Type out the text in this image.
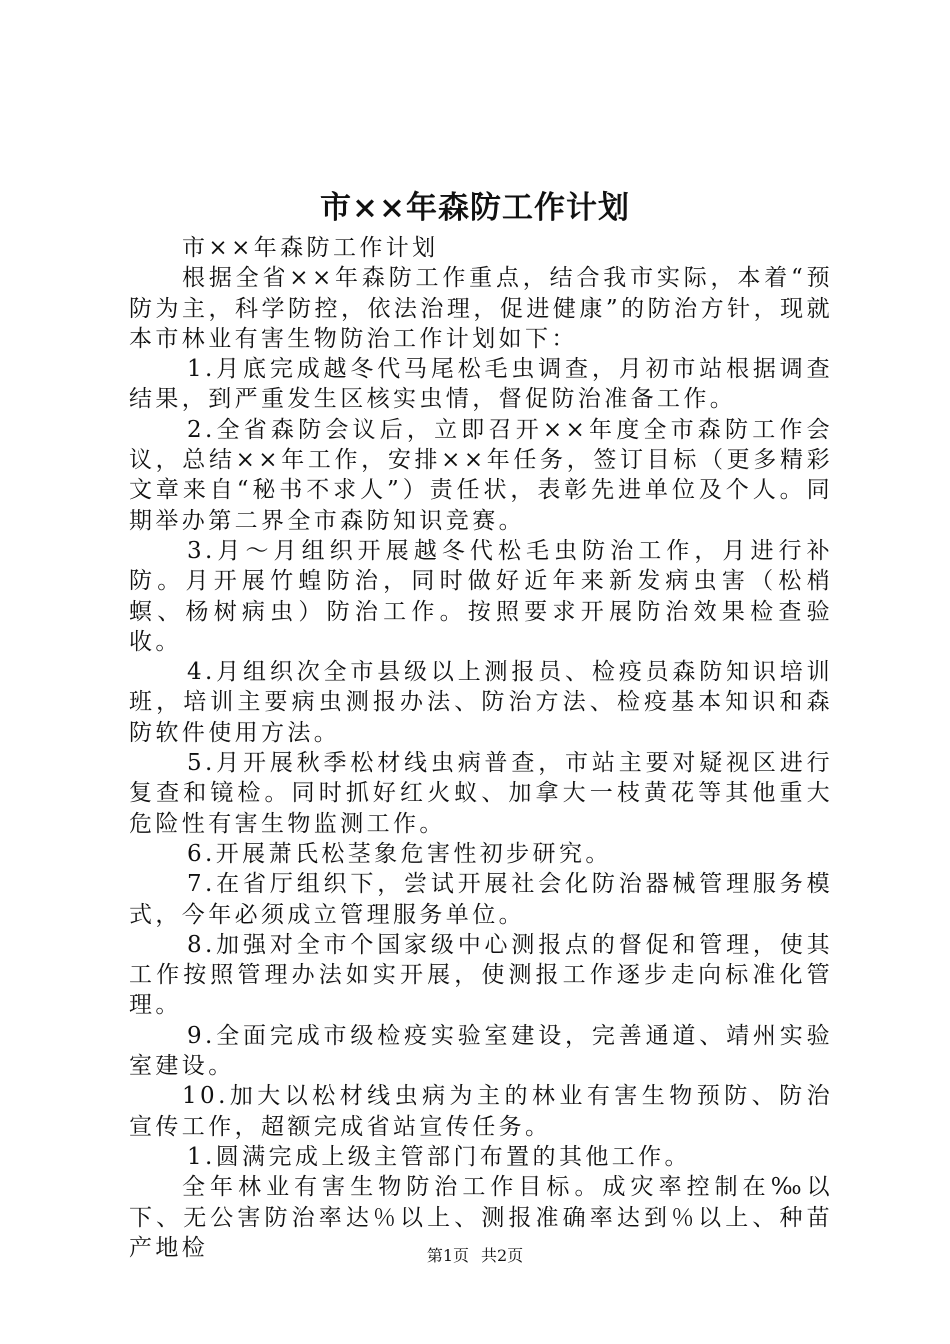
市××年森防工作计划

市××年森防工作计划

根据全省××年森防工作重点，结合我市实际，本着“预防为主，科学防控，依法治理，促进健康”的防治方针，现就本市林业有害生物防治工作计划如下：

1.月底完成越冬代马尾松毛虫调查，月初市站根据调查结果，到严重发生区核实虫情，督促防治准备工作。

2.全省森防会议后，立即召开××年度全市森防工作会议，总结××年工作，安排××年任务，签订目标（更多精彩文章来自“秘书不求人”）责任状，表彰先进单位及个人。同期举办第二界全市森防知识竞赛。

3.月～月组织开展越冬代松毛虫防治工作，月进行补防。月开展竹蝗防治，同时做好近年来新发病虫害（松梢螟、杨树病虫）防治工作。按照要求开展防治效果检查验收。

4.月组织次全市县级以上测报员、检疫员森防知识培训班，培训主要病虫测报办法、防治方法、检疫基本知识和森防软件使用方法。

5.月开展秋季松材线虫病普查，市站主要对疑视区进行复查和镜检。同时抓好红火蚁、加拿大一枝黄花等其他重大危险性有害生物监测工作。

6.开展萧氏松茎象危害性初步研究。

7.在省厅组织下，尝试开展社会化防治器械管理服务模式，今年必须成立管理服务单位。

8.加强对全市个国家级中心测报点的督促和管理，使其工作按照管理办法如实开展，使测报工作逐步走向标准化管理。

9.全面完成市级检疫实验室建设，完善通道、靖州实验室建设。

10.加大以松材线虫病为主的林业有害生物预防、防治宣传工作，超额完成省站宣传任务。

1.圆满完成上级主管部门布置的其他工作。

全年林业有害生物防治工作目标。成灾率控制在‰以下、无公害防治率达％以上、测报准确率达到％以上、种苗产地检	第1页 共2页
